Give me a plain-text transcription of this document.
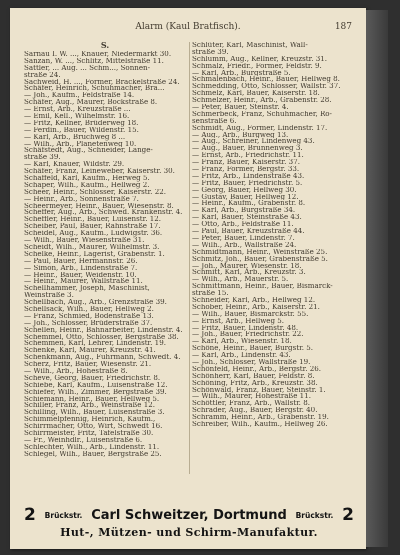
Alarm (Kaul Bratfisch).	187
S.
Sarnau I. W. ..., Knauer, Niedermarkt 30.
Sanzan, W. ..., Schlitz, Mittelstraße 11.
Sattler, ... Aug. ... Schm..., Sonnen-
straße 24.
Sachweid, H. ..., Former, Brackelstraße 24.
Schäfer, Heinrich, Schuhmacher, Bra...
— Joh., Kaufm., Feldstraße 14.
Schäfer, Aug., Maurer, Bockstraße 8.
— Ernst, Arb., Kreuzstraße ...
— Emil, Kell., Wilhelmstr. 16.
— Fritz, Kellner, Brüderweg 18.
— Ferdin., Bauer, Wildenstr. 15.
— Karl, Arb., Bruchweg 8 ...
— Wilh., Arb., Planetenweg 10.
Schäfstedt, Aug., Schneider, Lange-
straße 39.
— Karl, Knauer, Wildstr. 29.
Schäfer, Franz, Leineweber, Kaiserstr. 30.
Schaffeld, Karl, Kaufm., Herweg 5.
Schaper, Wilh., Kaufm., Hellweg 2.
Scheer, Heinr., Schlosser, Kaiserstr. 22.
— Heinr., Arb., Sonnenstraße 7.
Scheermeyer, Heinr., Bauer, Wiesenstr. 8.
Scheffer, Aug., Arb., Schwed. Krankenstr. 4.
Scheffler, Heinr., Bauer, Luisenstr. 12.
Scheiber, Paul, Bauer, Rahnstraße 17.
Scheidel, Aug., Kaufm., Ludwigstr. 36.
— Wilh., Bauer, Wiesenstraße 31.
Scheidt, Wilh., Maurer, Wilhelmstr. 3.
Schelke, Heinr., Lagerist, Grabenstr. 1.
— Paul, Bauer, Hermannstr. 26.
— Simon, Arb., Lindenstraße 7.
— Heinr., Bauer, Weidenstr. 10.
— Heinr., Maurer, Wallstraße 11.
Schellhammer, Joseph, Maschinist,
Weinstraße 3.
Schellbach, Aug., Arb., Grenzstraße 39.
Schellsack, Wilh., Bauer, Hellweg 2.
— Franz, Schmied, Bodenstraße 13.
— Joh., Schlosser, Brüderstraße 37.
Schellen, Heinr., Bahnarbeiter, Lindenstr. 4.
Schemmel, Otto, Schlosser, Bergstraße 38.
Schemmen, Karl, Lehrer, Lindenstr. 19.
Schenke, Karl, Maurer, Kreuzstr. 41.
Schenkmann, Aug., Fuhrmann, Schwedt. 4.
Scherz, Fritz, Bauer, Wiesenstr. 21.
— Wilh., Arb., Hohestraße 8.
Scheve, Georg, Bauer, Friedrichstr. 8.
Schiebe, Karl, Kaufm., Luisenstraße 12.
Schiefer, Wilh., Zimmer, Bergstraße 39.
Schiemann, Heinr., Bauer, Hellweg 5.
Schiller, Franz, Arb., Weinstraße 12.
Schilling, Wilh., Bauer, Luisenstraße 3.
Schimmelpfennig, Heinrich, Kaufm.,
Schirrmacher, Otto, Wirt, Schwedt 16.
Schirrmeister, Fritz, Tafelstraße 30.
— Fr., Weinhdlr., Luisenstraße 6.
Schlechter, Wilh., Arb., Lindenstr. 11.
Schlegel, Wilh., Bauer, Bergstraße 25.
Schlüter, Karl, Maschinist, Wall-
straße 39.
Schlumm, Aug., Kellner, Kreuzstr. 31.
Schmalz, Friedr., Former, Feldstr. 9.
— Karl, Arb., Burgstraße 5.
Schmalenbach, Heinr., Bauer, Hellweg 8.
Schmedding, Otto, Schlosser, Wallstr. 37.
Schmelz, Karl, Bauer, Kaiserstr. 18.
Schmelzer, Heinr., Arb., Grabenstr. 28.
— Peter, Bauer, Steinstr. 4.
Schmerbeck, Franz, Schuhmacher, Ro-
senstraße 6.
Schmidt, Aug., Former, Lindenstr. 17.
— Aug., Arb., Burgweg 13.
— Aug., Schreiner, Lindenweg 43.
— Aug., Bauer, Brunnenweg 3.
— Ernst, Arb., Friedrichstr. 11.
— Franz, Bauer, Kaiserstr. 37.
— Franz, Former, Bergstr. 33.
— Fritz, Arb., Lindenstraße 43.
— Fritz, Bauer, Friedrichstr. 5.
— Georg, Bauer, Hellweg 30.
— Gustav, Bauer, Hellweg 12.
— Heinr., Kaufm., Grabenstr. 8.
— Karl, Arb., Burgstraße 34.
— Karl, Bauer, Steinstraße 43.
— Otto, Arb., Feldstraße 11.
— Paul, Bauer, Kreuzstraße 44.
— Peter, Bauer, Lindenstr. 7.
— Wilh., Arb., Wallstraße 24.
Schmidtmann, Heinr., Weinstraße 25.
Schmitz, Joh., Bauer, Grabenstraße 5.
— Joh., Maurer, Wiesenstr. 18.
Schmitt, Karl, Arb., Kreuzstr. 3.
— Wilh., Arb., Mauerstr. 5.
Schmittmann, Heinr., Bauer, Bismarck-
straße 15.
Schneider, Karl, Arb., Hellweg 12.
Schober, Heinr., Arb., Kaiserstr. 21.
— Wilh., Bauer, Bismarckstr. 55.
— Ernst, Arb., Hellweg 5.
— Fritz, Bauer, Lindenstr. 48.
— Joh., Bauer, Friedrichstr. 22.
— Karl, Arb., Wiesenstr. 18.
Schöne, Heinr., Bauer, Burgstr. 5.
— Karl, Arb., Lindenstr. 43.
— Joh., Schlosser, Wallstraße 19.
Schönfeld, Heinr., Arb., Bergstr. 26.
Schönherr, Karl, Bauer, Feldstr. 8.
Schöning, Fritz, Arb., Kreuzstr. 38.
Schönwald, Franz, Bauer, Steinstr. 1.
— Wilh., Maurer, Hohestraße 11.
Schöttler, Franz, Arb., Wallstr. 8.
Schrader, Aug., Bauer, Bergstr. 40.
Schramm, Heinr., Arb., Grabenstr. 19.
Schreiber, Wilh., Kaufm., Hellweg 26.
2 Brückstr. Carl Schweitzer, Dortmund Brückstr. 2
Hut-, Mützen- und Schirm-Manufaktur.
